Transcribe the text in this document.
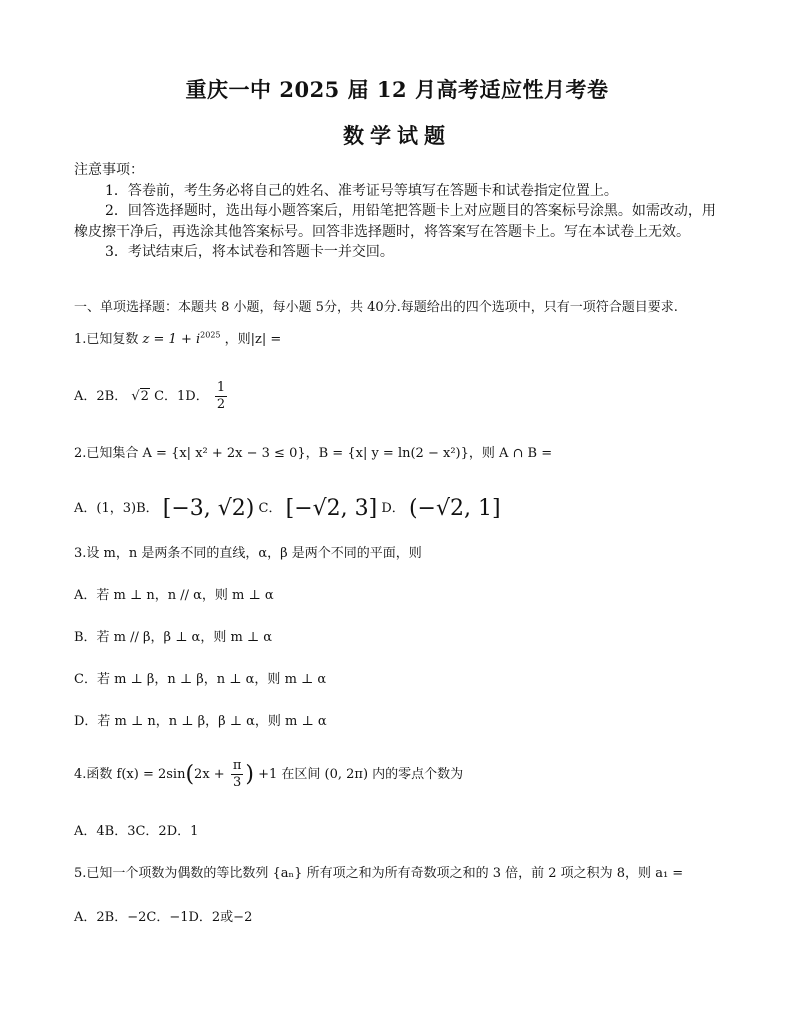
重庆一中 2025 届 12 月高考适应性月考卷
数学试题

注意事项：

1．答卷前，考生务必将自己的姓名、准考证号等填写在答题卡和试卷指定位置上。

2．回答选择题时，选出每小题答案后，用铅笔把答题卡上对应题目的答案标号涂黑。如需改动，用橡皮擦干净后，再选涂其他答案标号。回答非选择题时，将答案写在答题卡上。写在本试卷上无效。

3．考试结束后，将本试卷和答题卡一并交回。

一、单项选择题：本题共 8 小题，每小题 5分，共 40分.每题给出的四个选项中，只有一项符合题目要求.
1.已知复数 $z = 1 + i^{2025}$ ，则|z| =
A．2B． √2 C．1D． $\frac{1}{2}$
2.已知集合 A = {x| x² + 2x − 3 ≤ 0}，B = {x| y = ln(2 − x²)}，则 A ∩ B =
A．(1，3)B． [−3, √2) C． [−√2, 3] D． (−√2, 1]
3.设 m，n 是两条不同的直线，α，β 是两个不同的平面，则
A．若 m ⊥ n，n // α，则 m ⊥ α
B．若 m // β，β ⊥ α，则 m ⊥ α
C．若 m ⊥ β，n ⊥ β，n ⊥ α，则 m ⊥ α
D．若 m ⊥ n，n ⊥ β，β ⊥ α，则 m ⊥ α
4.函数 $f(x) = 2\sin(2x + \frac{\pi}{3}$ ) +1 在区间 (0, 2π) 内的零点个数为
A．4B．3C．2D．1
5.已知一个项数为偶数的等比数列 {aₙ} 所有项之和为所有奇数项之和的 3 倍，前 2 项之积为 8，则 a₁ =
A．2B．−2C．−1D．2或−2
